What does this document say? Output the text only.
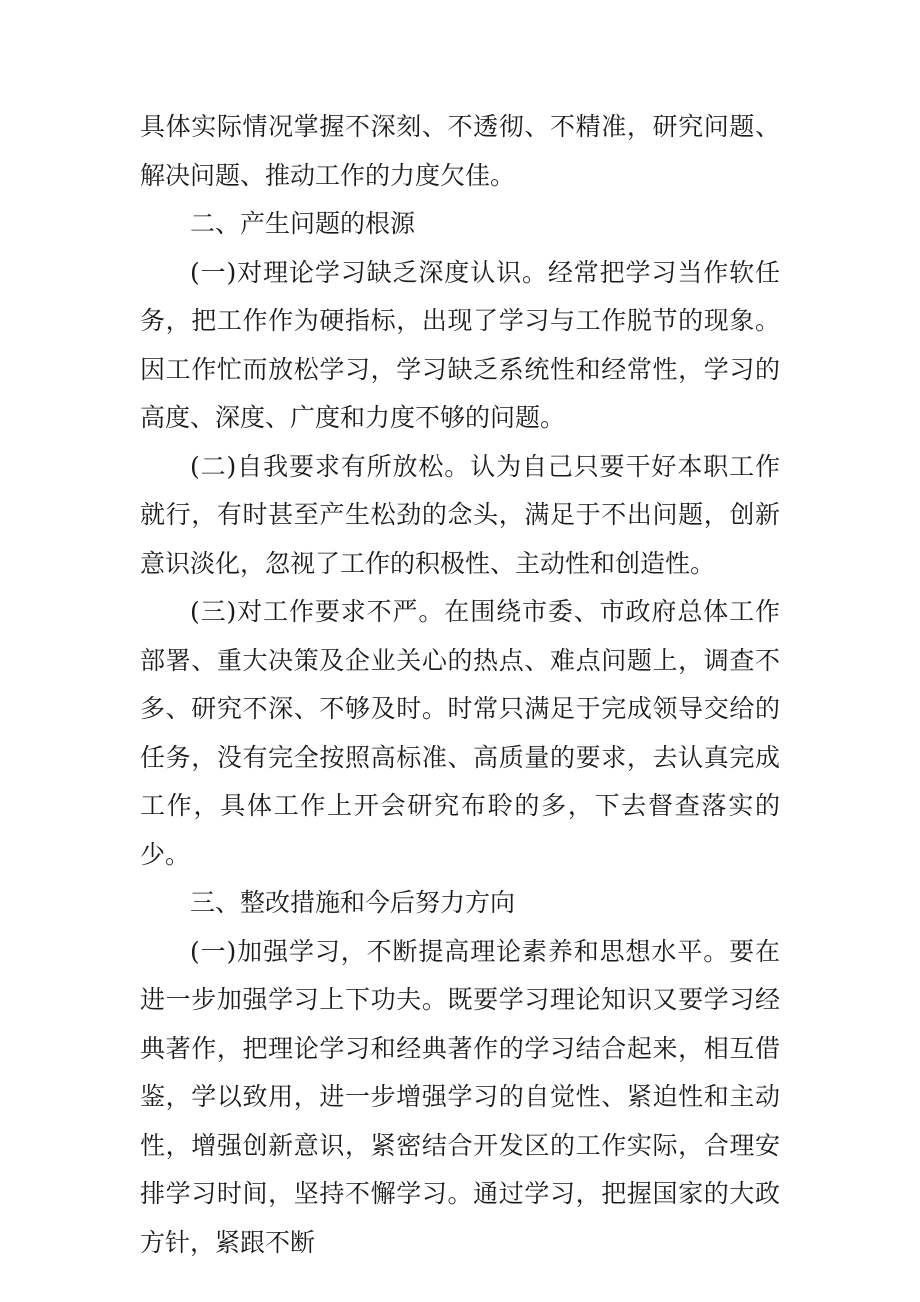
具体实际情况掌握不深刻、不透彻、不精准，研究问题、解决问题、推动工作的力度欠佳。

二、产生问题的根源

(一)对理论学习缺乏深度认识。经常把学习当作软任务，把工作作为硬指标，出现了学习与工作脱节的现象。因工作忙而放松学习，学习缺乏系统性和经常性，学习的高度、深度、广度和力度不够的问题。

(二)自我要求有所放松。认为自己只要干好本职工作就行，有时甚至产生松劲的念头，满足于不出问题，创新意识淡化，忽视了工作的积极性、主动性和创造性。

(三)对工作要求不严。在围绕市委、市政府总体工作部署、重大决策及企业关心的热点、难点问题上，调查不多、研究不深、不够及时。时常只满足于完成领导交给的任务，没有完全按照高标准、高质量的要求，去认真完成工作，具体工作上开会研究布聆的多，下去督查落实的少。

三、整改措施和今后努力方向

(一)加强学习，不断提高理论素养和思想水平。要在进一步加强学习上下功夫。既要学习理论知识又要学习经典著作，把理论学习和经典著作的学习结合起来，相互借鉴，学以致用，进一步增强学习的自觉性、紧迫性和主动性，增强创新意识，紧密结合开发区的工作实际，合理安排学习时间，坚持不懈学习。通过学习，把握国家的大政方针，紧跟不断
